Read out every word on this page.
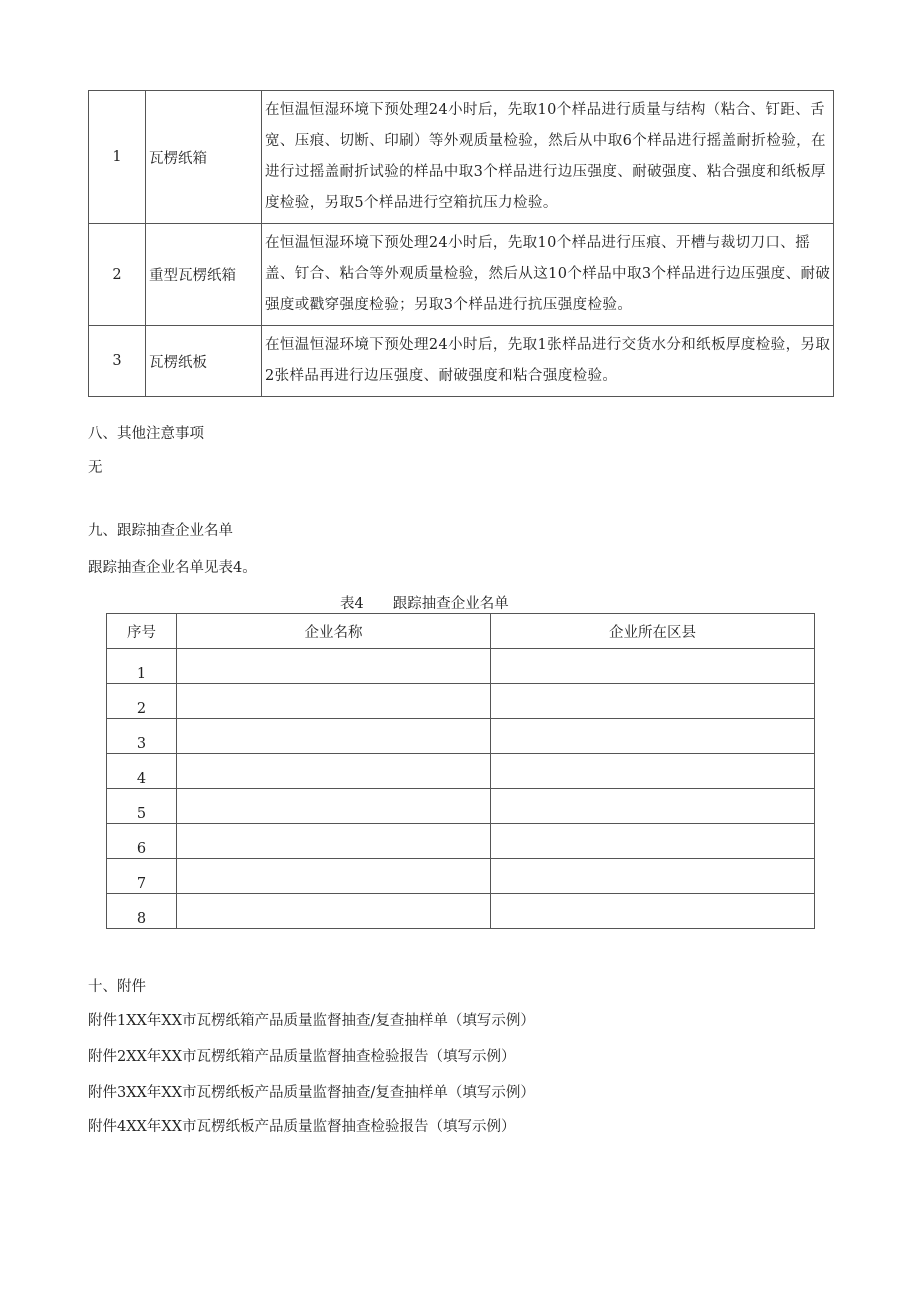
1	瓦楞纸箱	在恒温恒湿环境下预处理24小时后，先取10个样品进行质量与结构（粘合、钉距、舌宽、压痕、切断、印刷）等外观质量检验，然后从中取6个样品进行摇盖耐折检验，在进行过摇盖耐折试验的样品中取3个样品进行边压强度、耐破强度、粘合强度和纸板厚度检验，另取5个样品进行空箱抗压力检验。
2	重型瓦楞纸箱	在恒温恒湿环境下预处理24小时后，先取10个样品进行压痕、开槽与裁切刀口、摇盖、钉合、粘合等外观质量检验，然后从这10个样品中取3个样品进行边压强度、耐破强度或戳穿强度检验；另取3个样品进行抗压强度检验。
3	瓦楞纸板	在恒温恒湿环境下预处理24小时后，先取1张样品进行交货水分和纸板厚度检验，另取2张样品再进行边压强度、耐破强度和粘合强度检验。
八、其他注意事项
无
九、跟踪抽查企业名单
跟踪抽查企业名单见表4。
表4　　跟踪抽查企业名单
序号	企业名称	企业所在区县
1		
2		
3		
4		
5		
6		
7		
8		
十、附件
附件1XX年XX市瓦楞纸箱产品质量监督抽查/复查抽样单（填写示例）
附件2XX年XX市瓦楞纸箱产品质量监督抽查检验报告（填写示例）
附件3XX年XX市瓦楞纸板产品质量监督抽查/复查抽样单（填写示例）
附件4XX年XX市瓦楞纸板产品质量监督抽查检验报告（填写示例）
